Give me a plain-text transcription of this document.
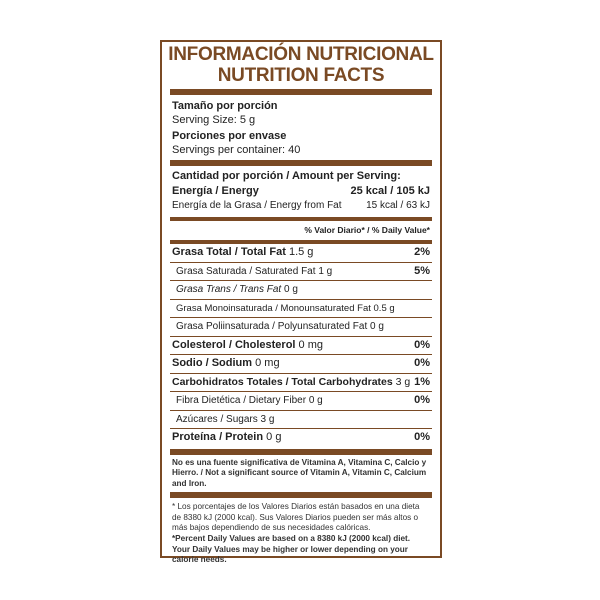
INFORMACIÓN NUTRICIONAL
NUTRITION FACTS
Tamaño por porción
Serving Size: 5 g
Porciones por envase
Servings per container: 40
Cantidad por porción / Amount per Serving:
Energía / Energy	25 kcal / 105 kJ
Energía de la Grasa / Energy from Fat 15 kcal / 63 kJ
% Valor Diario* / % Daily Value*
Grasa Total / Total Fat 1.5 g	2%
Grasa Saturada / Saturated Fat 1 g	5%
Grasa Trans / Trans Fat 0 g
Grasa Monoinsaturada / Monounsaturated Fat 0.5 g
Grasa Poliinsaturada / Polyunsaturated Fat 0 g
Colesterol / Cholesterol 0 mg	0%
Sodio / Sodium 0 mg	0%
Carbohidratos Totales / Total Carbohydrates 3 g 1%
Fibra Dietética / Dietary Fiber 0 g	0%
Azúcares / Sugars 3 g
Proteína / Protein 0 g	0%

No es una fuente significativa de Vitamina A, Vitamina C, Calcio y Hierro. / Not a significant source of Vitamin A, Vitamin C, Calcium and Iron.

* Los porcentajes de los Valores Diarios están basados en una dieta de 8380 kJ (2000 kcal). Sus Valores Diarios pueden ser más altos o más bajos dependiendo de sus necesidades calóricas.

*Percent Daily Values are based on a 8380 kJ (2000 kcal) diet. Your Daily Values may be higher or lower depending on your calorie needs.
